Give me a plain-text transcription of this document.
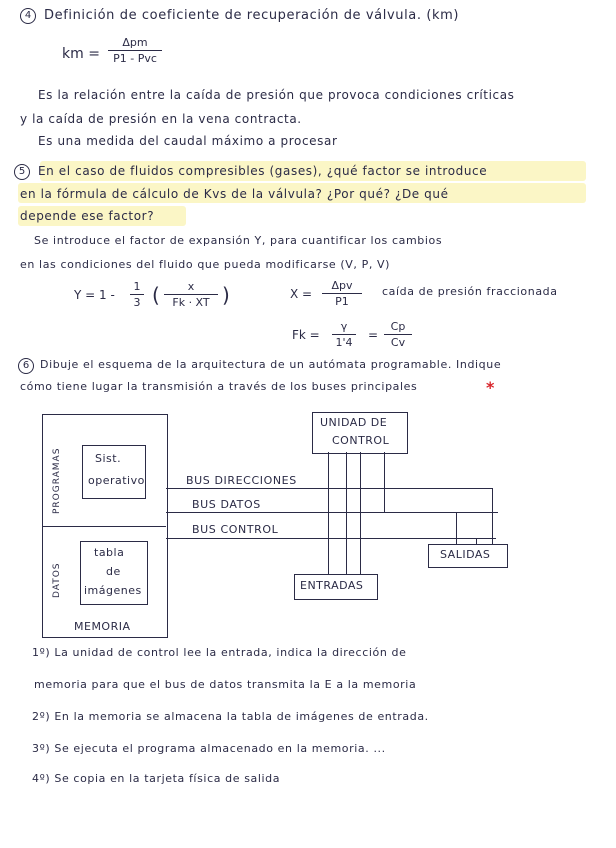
4 Definición de coeficiente de recuperación de válvula. (km)
km =
Δpm
P1 - Pvc
Es la relación entre la caída de presión que provoca condiciones críticas
y la caída de presión en la vena contracta.
Es una medida del caudal máximo a procesar
5	En el caso de fluidos compresibles (gases), ¿qué factor se introduce
en la fórmula de cálculo de Kvs de la válvula? ¿Por qué? ¿De qué
depende ese factor?
Se introduce el factor de expansión Y, para cuantificar los cambios
en las condiciones del fluido que pueda modificarse (V, P, V)
$Y = 1 - \frac{1}{3}$ ( $\frac{x}{Fk \cdot XT}$ )	X =
Δpv
P1
caída de presión fraccionada
$Fk = \frac{\gamma}{1'4} = \frac{Cp}{Cv}$
6 Dibuje el esquema de la arquitectura de un autómata programable. Indique
cómo tiene lugar la transmisión a través de los buses principales	*
MEMORIA
PROGRAMAS
DATOS
Sist.
operativo
tabla
de
imágenes
UNIDAD DE
CONTROL
ENTRADAS
SALIDAS
BUS DIRECCIONES
BUS DATOS
BUS CONTROL
1º) La unidad de control lee la entrada, indica la dirección de
memoria para que el bus de datos transmita la E a la memoria
2º) En la memoria se almacena la tabla de imágenes de entrada.
3º) Se ejecuta el programa almacenado en la memoria. ...
4º) Se copia en la tarjeta física de salida
